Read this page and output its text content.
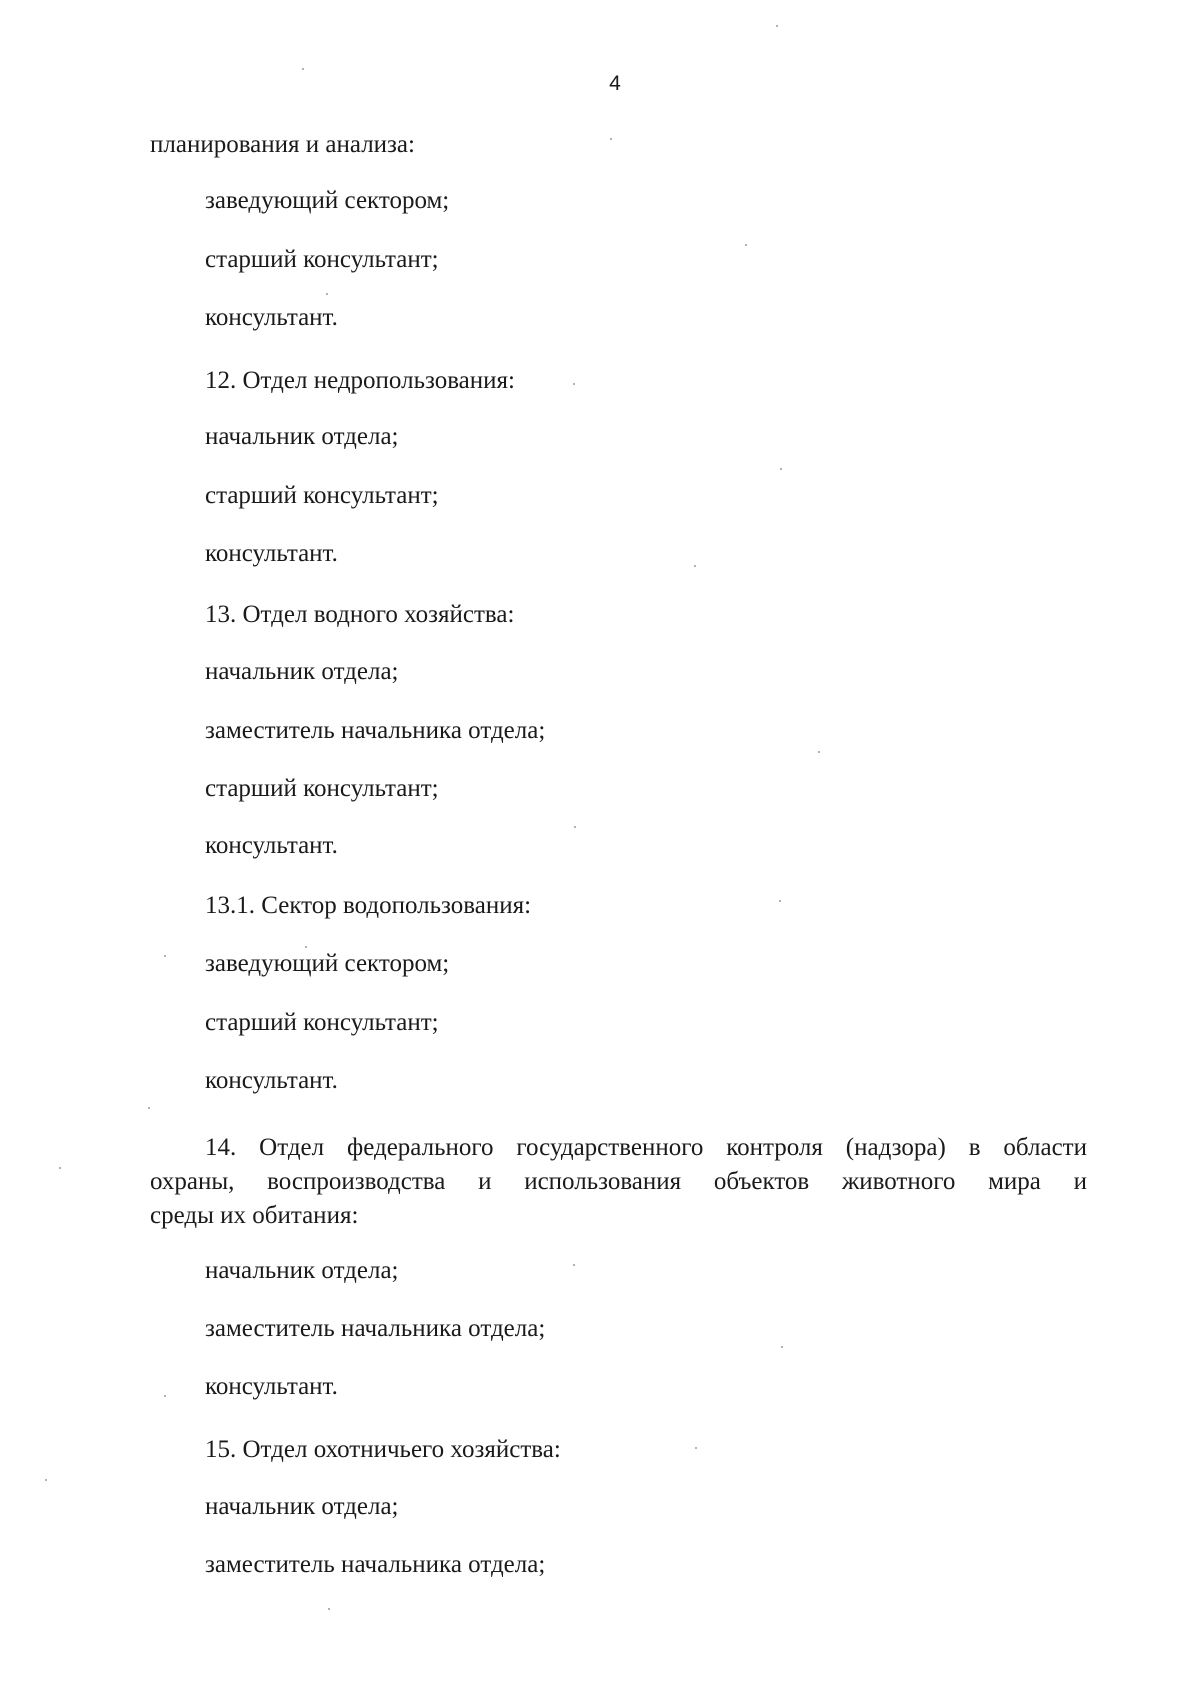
4
планирования и анализа:
заведующий сектором;
старший консультант;
консультант.
12. Отдел недропользования:
начальник отдела;
старший консультант;
консультант.
13. Отдел водного хозяйства:
начальник отдела;
заместитель начальника отдела;
старший консультант;
консультант.
13.1. Сектор водопользования:
заведующий сектором;
старший консультант;
консультант.
14. Отдел федерального государственного контроля (надзора) в области
охраны, воспроизводства и использования объектов животного мира и
среды их обитания:
начальник отдела;
заместитель начальника отдела;
консультант.
15. Отдел охотничьего хозяйства:
начальник отдела;
заместитель начальника отдела;
